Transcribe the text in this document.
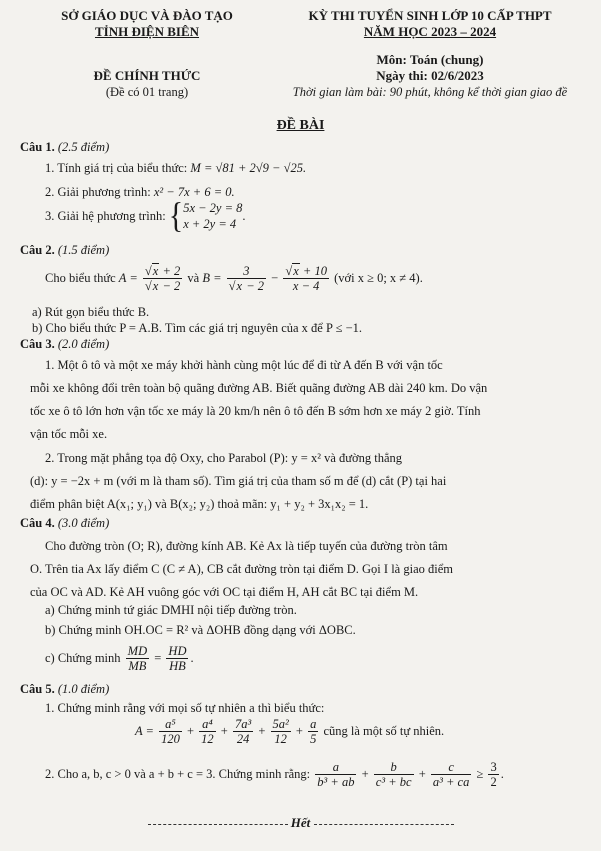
SỞ GIÁO DỤC VÀ ĐÀO TẠO
TỈNH ĐIỆN BIÊN
ĐỀ CHÍNH THỨC
(Đề có 01 trang)
KỲ THI TUYỂN SINH LỚP 10 CẤP THPT
NĂM HỌC 2023 – 2024
Môn: Toán (chung)
Ngày thi: 02/6/2023
Thời gian làm bài: 90 phút, không kể thời gian giao đề
ĐỀ BÀI
Câu 1. (2.5 điểm)
1. Tính giá trị của biểu thức: M = √81 + 2√9 − √25.
2. Giải phương trình: x² − 7x + 6 = 0.
3. Giải hệ phương trình: { 5x − 2y = 8
x + 2y = 4
.
Câu 2. (1.5 điểm)
Cho biểu thức $A = \frac{√x + 2}{√x - 2}$ và $B = \frac{3}{√x - 2} - \frac{√x + 10}{x - 4}$ (với x ≥ 0; x ≠ 4).
a) Rút gọn biểu thức B.
b) Cho biểu thức P = A.B. Tìm các giá trị nguyên của x để P ≤ −1.
Câu 3. (2.0 điểm)
1. Một ô tô và một xe máy khởi hành cùng một lúc để đi từ A đến B với vận tốc
mỗi xe không đổi trên toàn bộ quãng đường AB. Biết quãng đường AB dài 240 km. Do vận
tốc xe ô tô lớn hơn vận tốc xe máy là 20 km/h nên ô tô đến B sớm hơn xe máy 2 giờ. Tính
vận tốc mỗi xe.
2. Trong mặt phẳng tọa độ Oxy, cho Parabol (P): y = x² và đường thẳng
(d): y = −2x + m (với m là tham số). Tìm giá trị của tham số m để (d) cắt (P) tại hai
điểm phân biệt A(x₁; y₁) và B(x₂; y₂) thoả mãn: y₁ + y₂ + 3x₁x₂ = 1.
Câu 4. (3.0 điểm)
Cho đường tròn (O; R), đường kính AB. Kẻ Ax là tiếp tuyến của đường tròn tâm
O. Trên tia Ax lấy điểm C (C ≠ A), CB cắt đường tròn tại điểm D. Gọi I là giao điểm
của OC và AD. Kẻ AH vuông góc với OC tại điểm H, AH cắt BC tại điểm M.
a) Chứng minh tứ giác DMHI nội tiếp đường tròn.
b) Chứng minh OH.OC = R² và ΔOHB đồng dạng với ΔOBC.
c) Chứng minh $\frac{MD}{MB} = \frac{HD}{HB}$ .
Câu 5. (1.0 điểm)
1. Chứng minh rằng với mọi số tự nhiên a thì biểu thức:
$A = \frac{\text{a⁵}}{120} + \frac{\text{a⁴}}{12} + \frac{\text{7a³}}{24} + \frac{\text{5a²}}{12} + \frac{a}{5}$ cũng là một số tự nhiên.
2. Cho a, b, c > 0 và a + b + c = 3. Chứng minh rằng: $\frac{a}{\text{b³ + ab}} + \frac{b}{\text{c³ + bc}} + \frac{c}{\text{a³ + ca}} \ge \frac{3}{2}$ .
Hết
